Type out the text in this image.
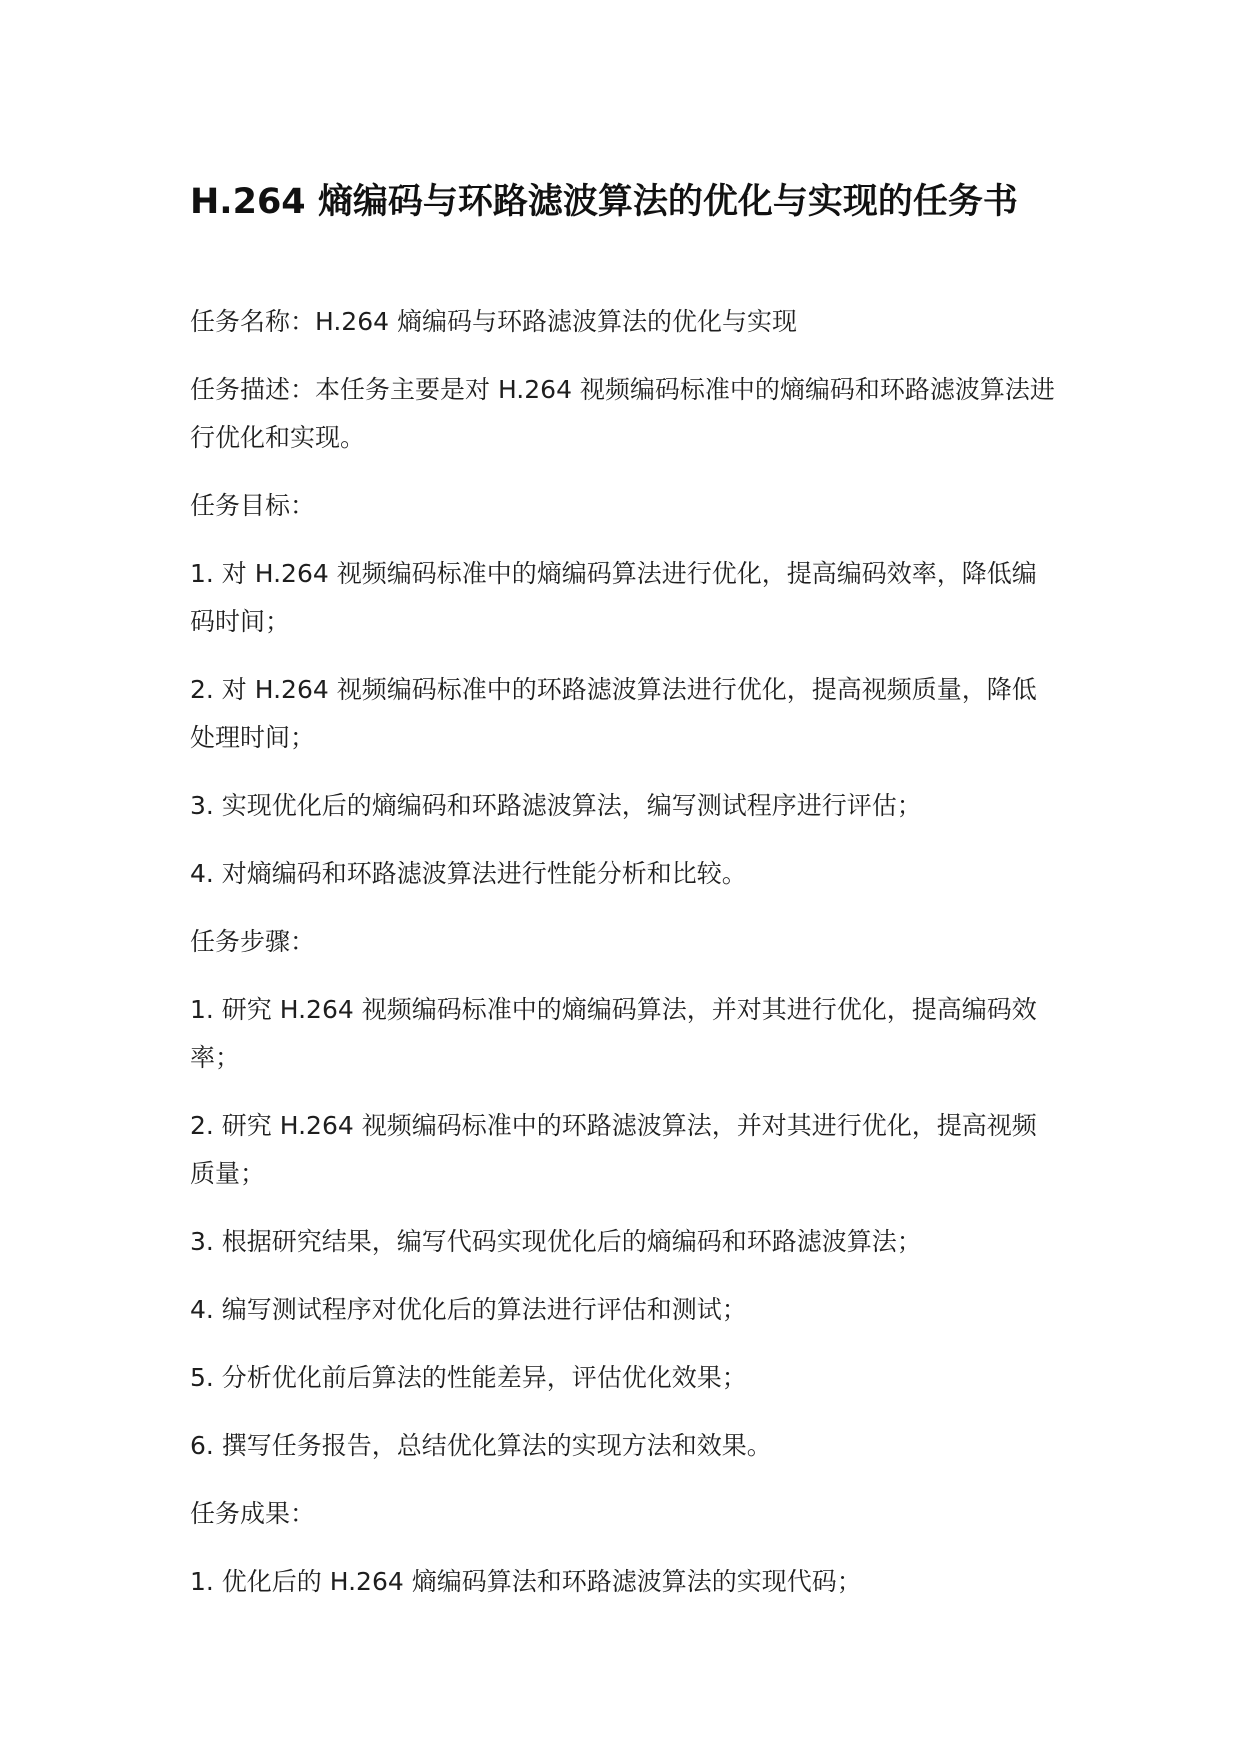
H.264 熵编码与环路滤波算法的优化与实现的任务书

任务名称：H.264 熵编码与环路滤波算法的优化与实现

任务描述：本任务主要是对 H.264 视频编码标准中的熵编码和环路滤波算法进行优化和实现。

任务目标：

1. 对 H.264 视频编码标准中的熵编码算法进行优化，提高编码效率，降低编码时间；

2. 对 H.264 视频编码标准中的环路滤波算法进行优化，提高视频质量，降低处理时间；

3. 实现优化后的熵编码和环路滤波算法，编写测试程序进行评估；

4. 对熵编码和环路滤波算法进行性能分析和比较。

任务步骤：

1. 研究 H.264 视频编码标准中的熵编码算法，并对其进行优化，提高编码效率；

2. 研究 H.264 视频编码标准中的环路滤波算法，并对其进行优化，提高视频质量；

3. 根据研究结果，编写代码实现优化后的熵编码和环路滤波算法；

4. 编写测试程序对优化后的算法进行评估和测试；

5. 分析优化前后算法的性能差异，评估优化效果；

6. 撰写任务报告，总结优化算法的实现方法和效果。

任务成果：

1. 优化后的 H.264 熵编码算法和环路滤波算法的实现代码；
